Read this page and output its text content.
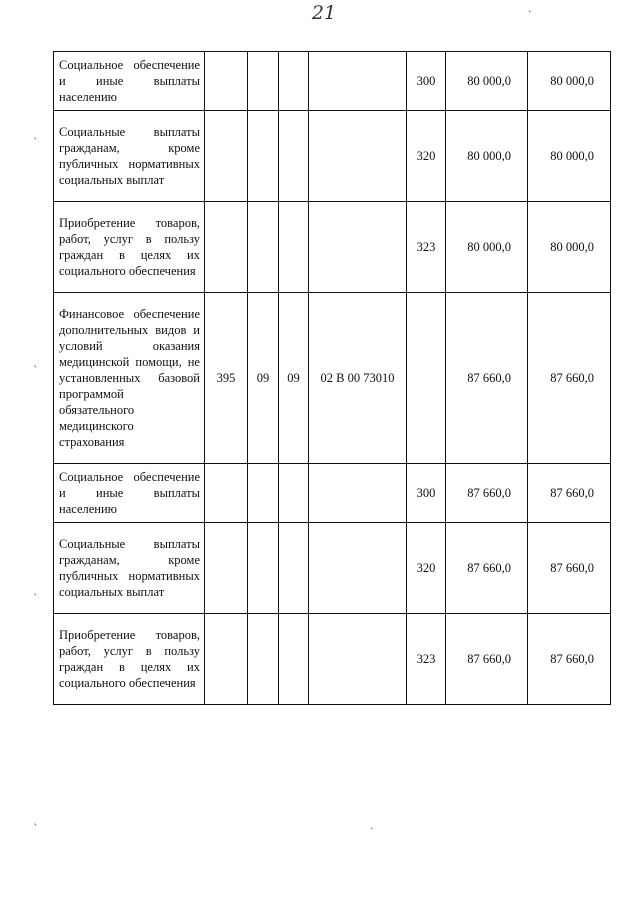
21
Социальное обеспечение и иные выплаты населению					300	80 000,0	80 000,0
Социальные выплаты гражданам, кроме публичных нормативных социальных выплат					320	80 000,0	80 000,0
Приобретение товаров, работ, услуг в пользу граждан в целях их социального обеспечения					323	80 000,0	80 000,0
Финансовое обеспечение дополнительных видов и условий оказания медицинской помощи, не установленных базовой программой обязательного медицинского страхования	395	09	09	02 В 00 73010		87 660,0	87 660,0
Социальное обеспечение и иные выплаты населению					300	87 660,0	87 660,0
Социальные выплаты гражданам, кроме публичных нормативных социальных выплат					320	87 660,0	87 660,0
Приобретение товаров, работ, услуг в пользу граждан в целях их социального обеспечения					323	87 660,0	87 660,0
ˋ
ˋ
ˋ
ˋ	·
·
